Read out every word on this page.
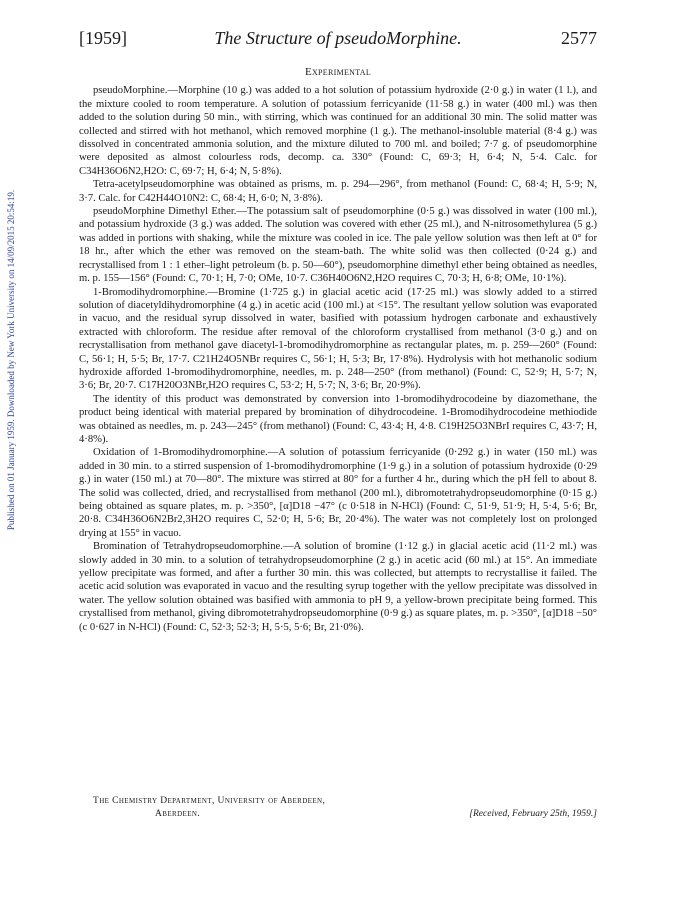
Published on 01 January 1959. Downloaded by New York University on 14/09/2015 20:54:19.
[1959]	The Structure of pseudoMorphine.	2577

Experimental

pseudoMorphine.—Morphine (10 g.) was added to a hot solution of potassium hydroxide (2·0 g.) in water (1 l.), and the mixture cooled to room temperature. A solution of potassium ferricyanide (11·58 g.) in water (400 ml.) was then added to the solution during 50 min., with stirring, which was continued for an additional 30 min. The solid matter was collected and stirred with hot methanol, which removed morphine (1 g.). The methanol-insoluble material (8·4 g.) was dissolved in concentrated ammonia solution, and the mixture diluted to 700 ml. and boiled; 7·7 g. of pseudomorphine were deposited as almost colourless rods, decomp. ca. 330° (Found: C, 69·3; H, 6·4; N, 5·4. Calc. for C34H36O6N2,H2O: C, 69·7; H, 6·4; N, 5·8%).

Tetra-acetylpseudomorphine was obtained as prisms, m. p. 294—296°, from methanol (Found: C, 68·4; H, 5·9; N, 3·7. Calc. for C42H44O10N2: C, 68·4; H, 6·0; N, 3·8%).

pseudoMorphine Dimethyl Ether.—The potassium salt of pseudomorphine (0·5 g.) was dissolved in water (100 ml.), and potassium hydroxide (3 g.) was added. The solution was covered with ether (25 ml.), and N-nitrosomethylurea (5 g.) was added in portions with shaking, while the mixture was cooled in ice. The pale yellow solution was then left at 0° for 18 hr., after which the ether was removed on the steam-bath. The white solid was then collected (0·24 g.) and recrystallised from 1 : 1 ether–light petroleum (b. p. 50—60°), pseudomorphine dimethyl ether being obtained as needles, m. p. 155—156° (Found: C, 70·1; H, 7·0; OMe, 10·7. C36H40O6N2,H2O requires C, 70·3; H, 6·8; OMe, 10·1%).

1-Bromodihydromorphine.—Bromine (1·725 g.) in glacial acetic acid (17·25 ml.) was slowly added to a stirred solution of diacetyldihydromorphine (4 g.) in acetic acid (100 ml.) at <15°. The resultant yellow solution was evaporated in vacuo, and the residual syrup dissolved in water, basified with potassium hydrogen carbonate and exhaustively extracted with chloroform. The residue after removal of the chloroform crystallised from methanol (3·0 g.) and on recrystallisation from methanol gave diacetyl-1-bromodihydromorphine as rectangular plates, m. p. 259—260° (Found: C, 56·1; H, 5·5; Br, 17·7. C21H24O5NBr requires C, 56·1; H, 5·3; Br, 17·8%). Hydrolysis with hot methanolic sodium hydroxide afforded 1-bromodihydromorphine, needles, m. p. 248—250° (from methanol) (Found: C, 52·9; H, 5·7; N, 3·6; Br, 20·7. C17H20O3NBr,H2O requires C, 53·2; H, 5·7; N, 3·6; Br, 20·9%).

The identity of this product was demonstrated by conversion into 1-bromodihydrocodeine by diazomethane, the product being identical with material prepared by bromination of dihydrocodeine. 1-Bromodihydrocodeine methiodide was obtained as needles, m. p. 243—245° (from methanol) (Found: C, 43·4; H, 4·8. C19H25O3NBrI requires C, 43·7; H, 4·8%).

Oxidation of 1-Bromodihydromorphine.—A solution of potassium ferricyanide (0·292 g.) in water (150 ml.) was added in 30 min. to a stirred suspension of 1-bromodihydromorphine (1·9 g.) in a solution of potassium hydroxide (0·29 g.) in water (150 ml.) at 70—80°. The mixture was stirred at 80° for a further 4 hr., during which the pH fell to about 8. The solid was collected, dried, and recrystallised from methanol (200 ml.), dibromotetrahydropseudomorphine (0·15 g.) being obtained as square plates, m. p. >350°, [α]D18 −47° (c 0·518 in N-HCl) (Found: C, 51·9, 51·9; H, 5·4, 5·6; Br, 20·8. C34H36O6N2Br2,3H2O requires C, 52·0; H, 5·6; Br, 20·4%). The water was not completely lost on prolonged drying at 155° in vacuo.

Bromination of Tetrahydropseudomorphine.—A solution of bromine (1·12 g.) in glacial acetic acid (11·2 ml.) was slowly added in 30 min. to a solution of tetrahydropseudomorphine (2 g.) in acetic acid (60 ml.) at 15°. An immediate yellow precipitate was formed, and after a further 30 min. this was collected, but attempts to recrystallise it failed. The acetic acid solution was evaporated in vacuo and the resulting syrup together with the yellow precipitate was dissolved in water. The yellow solution obtained was basified with ammonia to pH 9, a yellow-brown precipitate being formed. This crystallised from methanol, giving dibromotetrahydropseudomorphine (0·9 g.) as square plates, m. p. >350°, [α]D18 −50° (c 0·627 in N-HCl) (Found: C, 52·3; 52·3; H, 5·5, 5·6; Br, 21·0%).

The Chemistry Department, University of Aberdeen,
Aberdeen.	[Received, February 25th, 1959.]
